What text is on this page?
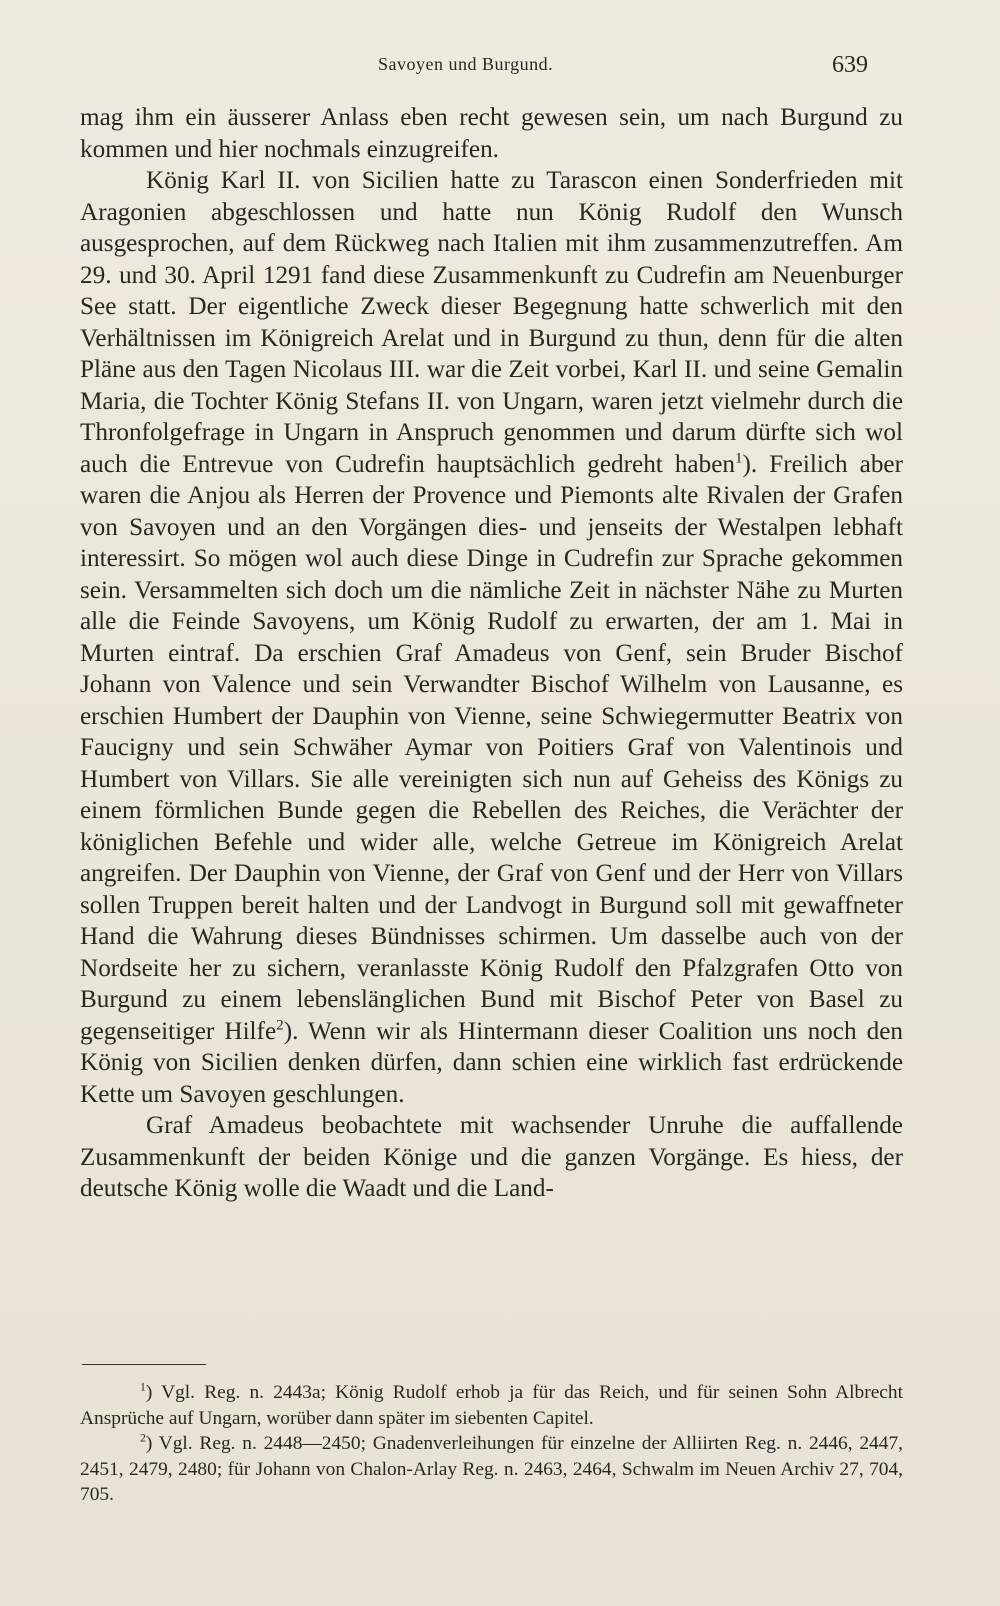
Savoyen und Burgund.	639

mag ihm ein äusserer Anlass eben recht gewesen sein, um nach Burgund zu kommen und hier nochmals einzugreifen.

König Karl II. von Sicilien hatte zu Tarascon einen Sonderfrieden mit Aragonien abgeschlossen und hatte nun König Rudolf den Wunsch ausgesprochen, auf dem Rückweg nach Italien mit ihm zusammenzutreffen. Am 29. und 30. April 1291 fand diese Zusammenkunft zu Cudrefin am Neuenburger See statt. Der eigentliche Zweck dieser Begegnung hatte schwerlich mit den Verhältnissen im Königreich Arelat und in Burgund zu thun, denn für die alten Pläne aus den Tagen Nicolaus III. war die Zeit vorbei, Karl II. und seine Gemalin Maria, die Tochter König Stefans II. von Ungarn, waren jetzt vielmehr durch die Thronfolgefrage in Ungarn in Anspruch genommen und darum dürfte sich wol auch die Entrevue von Cudrefin hauptsächlich gedreht haben$^1$). Freilich aber waren die Anjou als Herren der Provence und Piemonts alte Rivalen der Grafen von Savoyen und an den Vorgängen dies- und jenseits der Westalpen lebhaft interessirt. So mögen wol auch diese Dinge in Cudrefin zur Sprache gekommen sein. Versammelten sich doch um die nämliche Zeit in nächster Nähe zu Murten alle die Feinde Savoyens, um König Rudolf zu erwarten, der am 1. Mai in Murten eintraf. Da erschien Graf Amadeus von Genf, sein Bruder Bischof Johann von Valence und sein Verwandter Bischof Wilhelm von Lausanne, es erschien Humbert der Dauphin von Vienne, seine Schwiegermutter Beatrix von Faucigny und sein Schwäher Aymar von Poitiers Graf von Valentinois und Humbert von Villars. Sie alle vereinigten sich nun auf Geheiss des Königs zu einem förmlichen Bunde gegen die Rebellen des Reiches, die Verächter der königlichen Befehle und wider alle, welche Getreue im Königreich Arelat angreifen. Der Dauphin von Vienne, der Graf von Genf und der Herr von Villars sollen Truppen bereit halten und der Landvogt in Burgund soll mit gewaffneter Hand die Wahrung dieses Bündnisses schirmen. Um dasselbe auch von der Nordseite her zu sichern, veranlasste König Rudolf den Pfalzgrafen Otto von Burgund zu einem lebenslänglichen Bund mit Bischof Peter von Basel zu gegenseitiger Hilfe$^2$). Wenn wir als Hintermann dieser Coalition uns noch den König von Sicilien denken dürfen, dann schien eine wirklich fast erdrückende Kette um Savoyen geschlungen.

Graf Amadeus beobachtete mit wachsender Unruhe die auffallende Zusammenkunft der beiden Könige und die ganzen Vorgänge. Es hiess, der deutsche König wolle die Waadt und die Land-

$^1$) Vgl. Reg. n. 2443a; König Rudolf erhob ja für das Reich, und für seinen Sohn Albrecht Ansprüche auf Ungarn, worüber dann später im siebenten Capitel.

$^2$) Vgl. Reg. n. 2448—2450; Gnadenverleihungen für einzelne der Alliirten Reg. n. 2446, 2447, 2451, 2479, 2480; für Johann von Chalon-Arlay Reg. n. 2463, 2464, Schwalm im Neuen Archiv 27, 704, 705.
